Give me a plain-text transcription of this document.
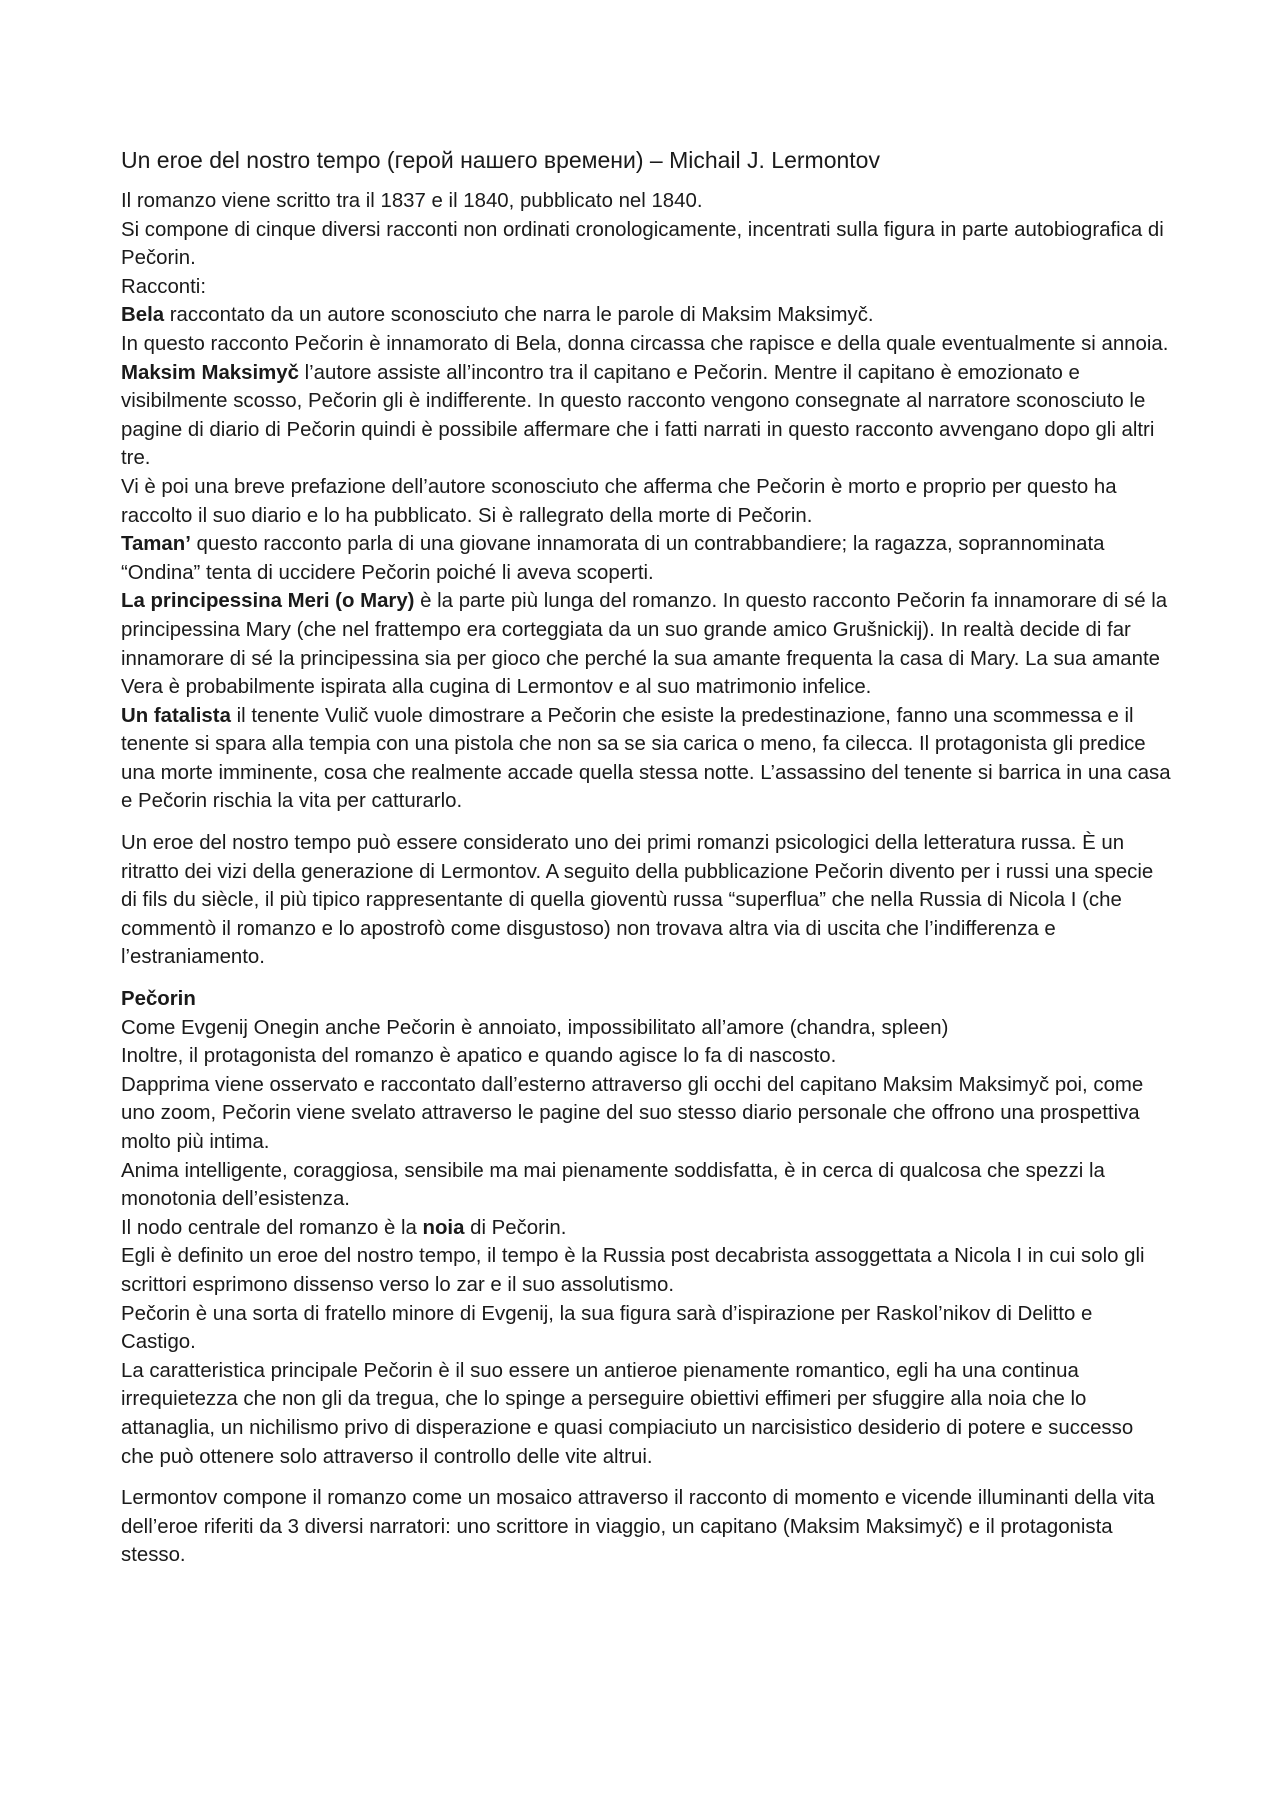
Un eroe del nostro tempo (герой нашего времени) – Michail J. Lermontov

Il romanzo viene scritto tra il 1837 e il 1840, pubblicato nel 1840.

Si compone di cinque diversi racconti non ordinati cronologicamente, incentrati sulla figura in parte autobiografica di Pečorin.

Racconti:

Bela raccontato da un autore sconosciuto che narra le parole di Maksim Maksimyč.

In questo racconto Pečorin è innamorato di Bela, donna circassa che rapisce e della quale eventualmente si annoia.

Maksim Maksimyč l’autore assiste all’incontro tra il capitano e Pečorin. Mentre il capitano è emozionato e visibilmente scosso, Pečorin gli è indifferente. In questo racconto vengono consegnate al narratore sconosciuto le pagine di diario di Pečorin quindi è possibile affermare che i fatti narrati in questo racconto avvengano dopo gli altri tre.

Vi è poi una breve prefazione dell’autore sconosciuto che afferma che Pečorin è morto e proprio per questo ha raccolto il suo diario e lo ha pubblicato. Si è rallegrato della morte di Pečorin.

Taman’ questo racconto parla di una giovane innamorata di un contrabbandiere; la ragazza, soprannominata “Ondina” tenta di uccidere Pečorin poiché li aveva scoperti.

La principessina Meri (o Mary) è la parte più lunga del romanzo. In questo racconto Pečorin fa innamorare di sé la principessina Mary (che nel frattempo era corteggiata da un suo grande amico Grušnickij). In realtà decide di far innamorare di sé la principessina sia per gioco che perché la sua amante frequenta la casa di Mary. La sua amante Vera è probabilmente ispirata alla cugina di Lermontov e al suo matrimonio infelice.

Un fatalista il tenente Vulič vuole dimostrare a Pečorin che esiste la predestinazione, fanno una scommessa e il tenente si spara alla tempia con una pistola che non sa se sia carica o meno, fa cilecca. Il protagonista gli predice una morte imminente, cosa che realmente accade quella stessa notte. L’assassino del tenente si barrica in una casa e Pečorin rischia la vita per catturarlo.

Un eroe del nostro tempo può essere considerato uno dei primi romanzi psicologici della letteratura russa. È un ritratto dei vizi della generazione di Lermontov. A seguito della pubblicazione Pečorin divento per i russi una specie di fils du siècle, il più tipico rappresentante di quella gioventù russa “superflua” che nella Russia di Nicola I (che commentò il romanzo e lo apostrofò come disgustoso) non trovava altra via di uscita che l’indifferenza e l’estraniamento.

Pečorin

Come Evgenij Onegin anche Pečorin è annoiato, impossibilitato all’amore (chandra, spleen)

Inoltre, il protagonista del romanzo è apatico e quando agisce lo fa di nascosto.

Dapprima viene osservato e raccontato dall’esterno attraverso gli occhi del capitano Maksim Maksimyč poi, come uno zoom, Pečorin viene svelato attraverso le pagine del suo stesso diario personale che offrono una prospettiva molto più intima.

Anima intelligente, coraggiosa, sensibile ma mai pienamente soddisfatta, è in cerca di qualcosa che spezzi la monotonia dell’esistenza.

Il nodo centrale del romanzo è la noia di Pečorin.

Egli è definito un eroe del nostro tempo, il tempo è la Russia post decabrista assoggettata a Nicola I in cui solo gli scrittori esprimono dissenso verso lo zar e il suo assolutismo.

Pečorin è una sorta di fratello minore di Evgenij, la sua figura sarà d’ispirazione per Raskol’nikov di Delitto e Castigo.

La caratteristica principale Pečorin è il suo essere un antieroe pienamente romantico, egli ha una continua irrequietezza che non gli da tregua, che lo spinge a perseguire obiettivi effimeri per sfuggire alla noia che lo attanaglia, un nichilismo privo di disperazione e quasi compiaciuto un narcisistico desiderio di potere e successo che può ottenere solo attraverso il controllo delle vite altrui.

Lermontov compone il romanzo come un mosaico attraverso il racconto di momento e vicende illuminanti della vita dell’eroe riferiti da 3 diversi narratori: uno scrittore in viaggio, un capitano (Maksim Maksimyč) e il protagonista stesso.
